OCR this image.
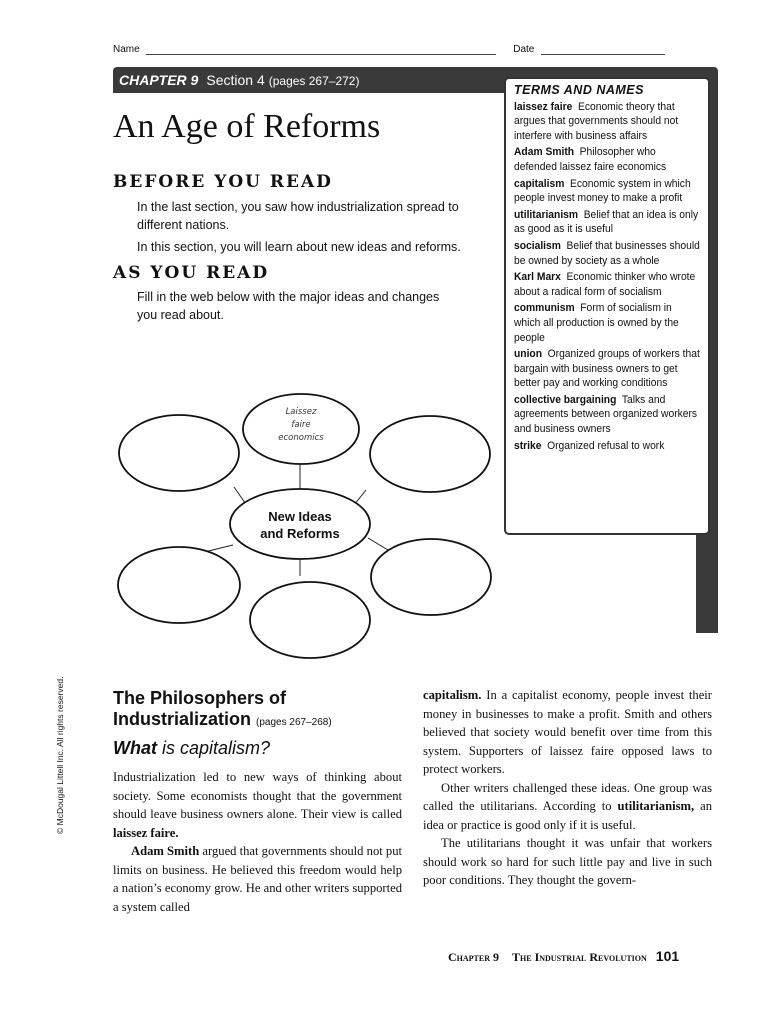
Name	Date
CHAPTER 9 Section 4 (pages 267–272)
TERMS AND NAMES
laissez faire Economic theory that argues that governments should not interfere with business affairs
Adam Smith Philosopher who defended laissez faire economics
capitalism Economic system in which people invest money to make a profit
utilitarianism Belief that an idea is only as good as it is useful
socialism Belief that businesses should be owned by society as a whole
Karl Marx Economic thinker who wrote about a radical form of socialism
communism Form of socialism in which all production is owned by the people
union Organized groups of workers that bargain with business owners to get better pay and working conditions
collective bargaining Talks and agreements between organized workers and business owners
strike Organized refusal to work
An Age of Reforms
BEFORE YOU READ
In the last section, you saw how industrialization spread to
different nations.
In this section, you will learn about new ideas and reforms.
AS YOU READ
Fill in the web below with the major ideas and changes
you read about.
New Ideas
and Reforms
Laissez
faire
economics
© McDougal Littell Inc. All rights reserved.	The Philosophers of
Industrialization (pages 267–268)
What is capitalism?

Industrialization led to new ways of thinking about society. Some economists thought that the government should leave business owners alone. Their view is called laissez faire.

Adam Smith argued that governments should not put limits on business. He believed this freedom would help a nation’s economy grow. He and other writers supported a system called

capitalism. In a capitalist economy, people invest their money in businesses to make a profit. Smith and others believed that society would benefit over time from this system. Supporters of laissez faire opposed laws to protect workers.

Other writers challenged these ideas. One group was called the utilitarians. According to utilitarianism, an idea or practice is good only if it is useful.

The utilitarians thought it was unfair that workers should work so hard for such little pay and live in such poor conditions. They thought the govern-

Chapter 9 The Industrial Revolution 101
